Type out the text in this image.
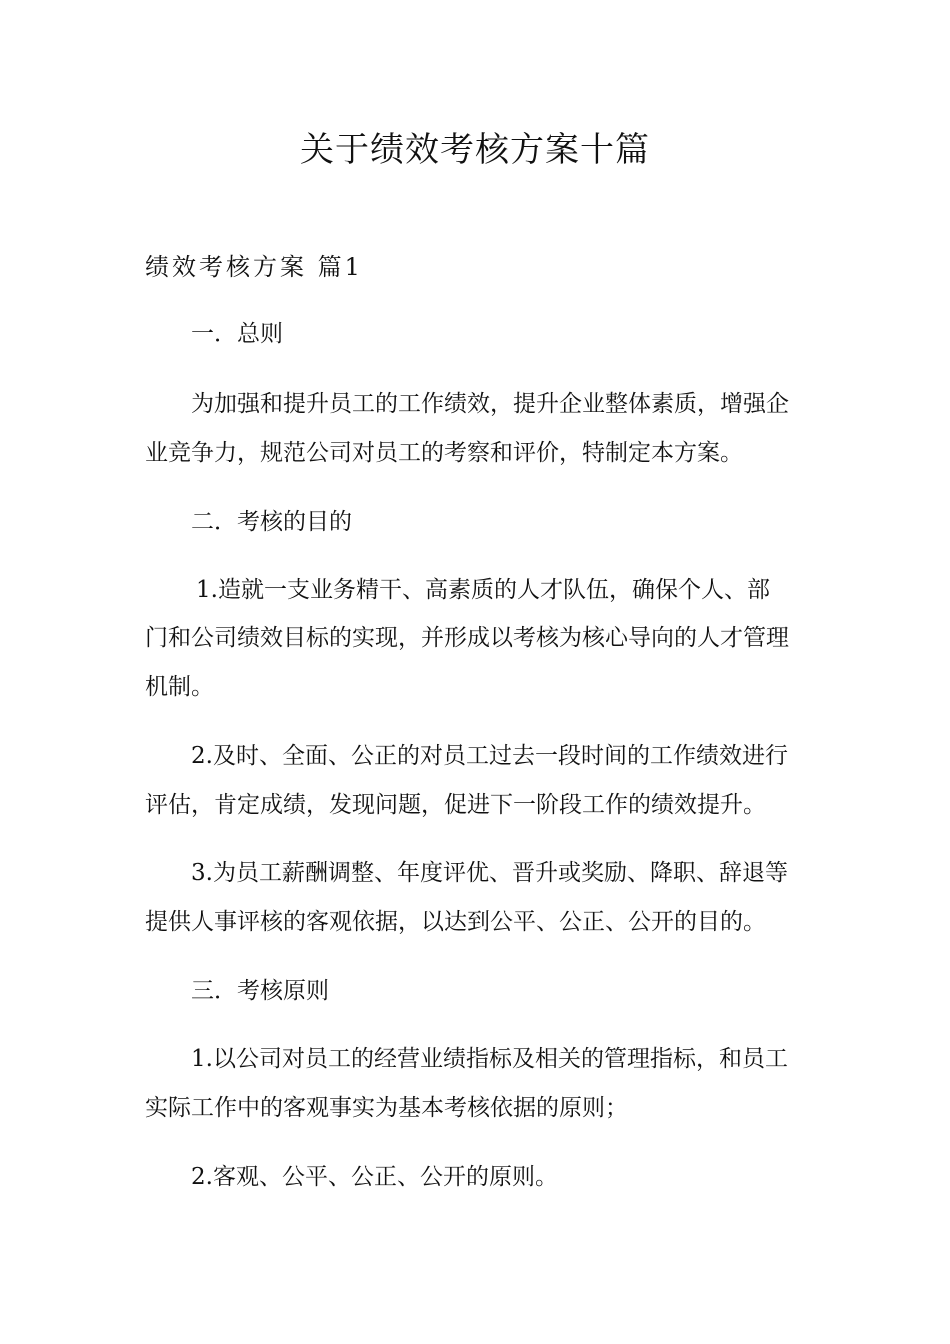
关于绩效考核方案十篇
绩效考核方案 篇1
一．总则
为加强和提升员工的工作绩效，提升企业整体素质，增强企
业竞争力，规范公司对员工的考察和评价，特制定本方案。
二．考核的目的
1.造就一支业务精干、高素质的人才队伍，确保个人、部
门和公司绩效目标的实现，并形成以考核为核心导向的人才管理
机制。
2.及时、全面、公正的对员工过去一段时间的工作绩效进行
评估，肯定成绩，发现问题，促进下一阶段工作的绩效提升。
3.为员工薪酬调整、年度评优、晋升或奖励、降职、辞退等
提供人事评核的客观依据，以达到公平、公正、公开的目的。
三．考核原则
1.以公司对员工的经营业绩指标及相关的管理指标，和员工
实际工作中的客观事实为基本考核依据的原则；
2.客观、公平、公正、公开的原则。
